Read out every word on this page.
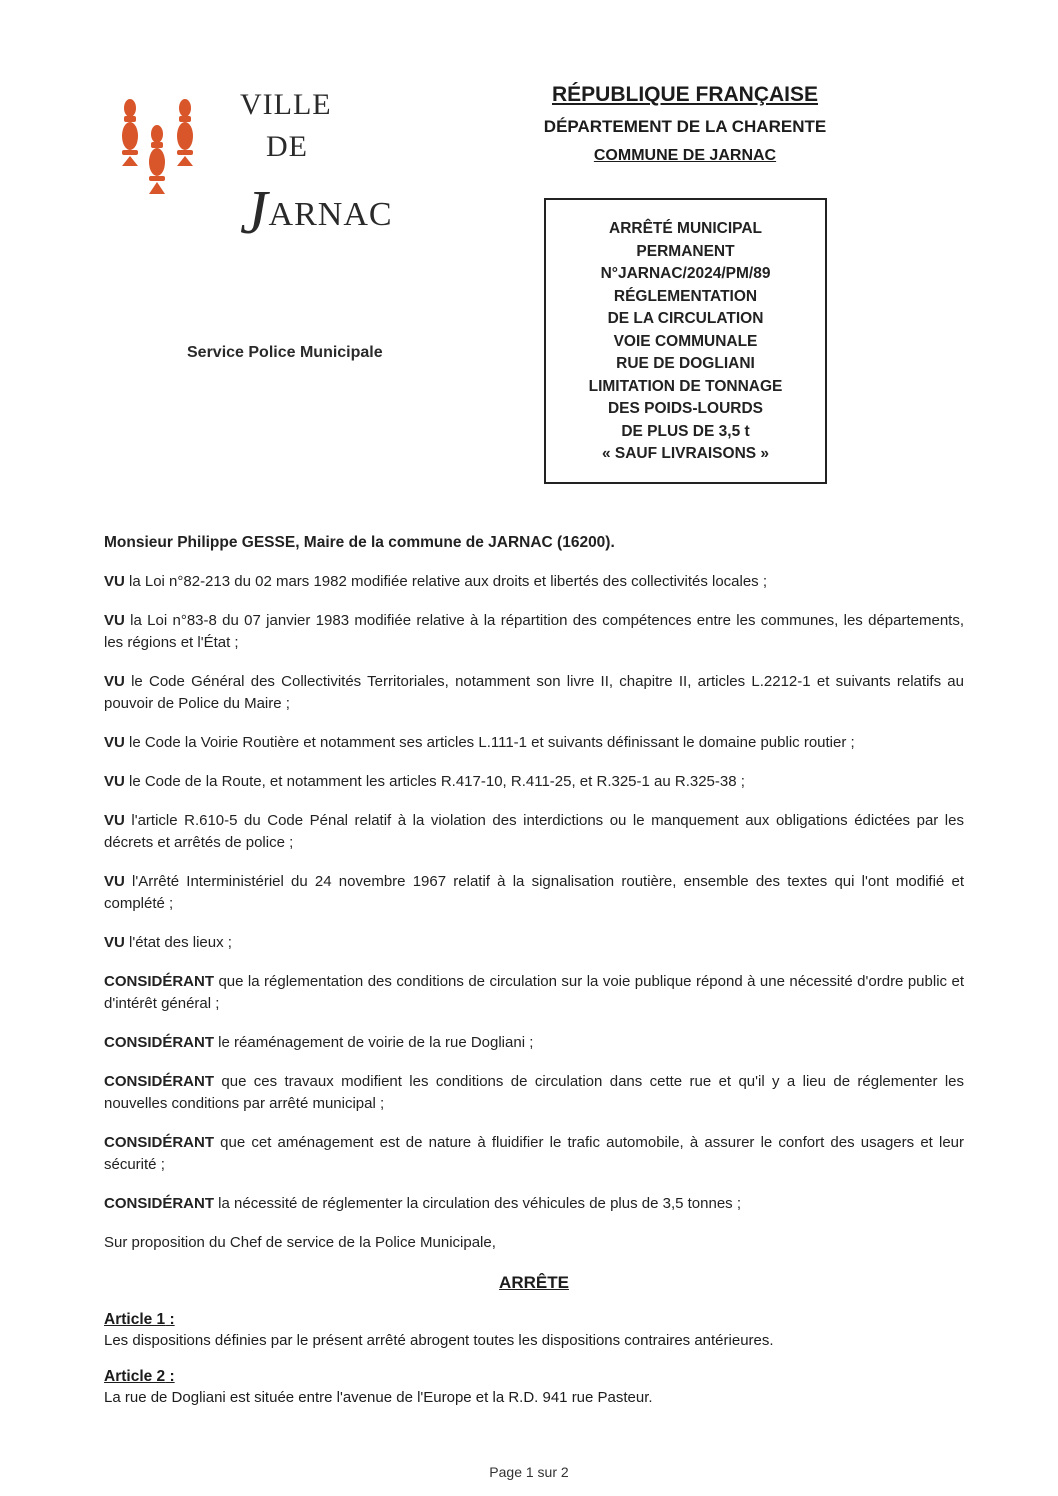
VILLE
DE
JARNAC
Service Police Municipale

RÉPUBLIQUE FRANÇAISE

DÉPARTEMENT DE LA CHARENTE

COMMUNE DE JARNAC

ARRÊTÉ MUNICIPAL
PERMANENT
N°JARNAC/2024/PM/89
RÉGLEMENTATION
DE LA CIRCULATION
VOIE COMMUNALE
RUE DE DOGLIANI
LIMITATION DE TONNAGE
DES POIDS-LOURDS
DE PLUS DE 3,5 t
« SAUF LIVRAISONS »

Monsieur Philippe GESSE, Maire de la commune de JARNAC (16200).

VU la Loi n°82-213 du 02 mars 1982 modifiée relative aux droits et libertés des collectivités locales ;

VU la Loi n°83-8 du 07 janvier 1983 modifiée relative à la répartition des compétences entre les communes, les départements, les régions et l'État ;

VU le Code Général des Collectivités Territoriales, notamment son livre II, chapitre II, articles L.2212-1 et suivants relatifs au pouvoir de Police du Maire ;

VU le Code la Voirie Routière et notamment ses articles L.111-1 et suivants définissant le domaine public routier ;

VU le Code de la Route, et notamment les articles R.417-10, R.411-25, et R.325-1 au R.325-38 ;

VU l'article R.610-5 du Code Pénal relatif à la violation des interdictions ou le manquement aux obligations édictées par les décrets et arrêtés de police ;

VU l'Arrêté Interministériel du 24 novembre 1967 relatif à la signalisation routière, ensemble des textes qui l'ont modifié et complété ;

VU l'état des lieux ;

CONSIDÉRANT que la réglementation des conditions de circulation sur la voie publique répond à une nécessité d'ordre public et d'intérêt général ;

CONSIDÉRANT le réaménagement de voirie de la rue Dogliani ;

CONSIDÉRANT que ces travaux modifient les conditions de circulation dans cette rue et qu'il y a lieu de réglementer les nouvelles conditions par arrêté municipal ;

CONSIDÉRANT que cet aménagement est de nature à fluidifier le trafic automobile, à assurer le confort des usagers et leur sécurité ;

CONSIDÉRANT la nécessité de réglementer la circulation des véhicules de plus de 3,5 tonnes ;

Sur proposition du Chef de service de la Police Municipale,

ARRÊTE

Article 1 :

Les dispositions définies par le présent arrêté abrogent toutes les dispositions contraires antérieures.

Article 2 :

La rue de Dogliani est située entre l'avenue de l'Europe et la R.D. 941 rue Pasteur.

Page 1 sur 2
